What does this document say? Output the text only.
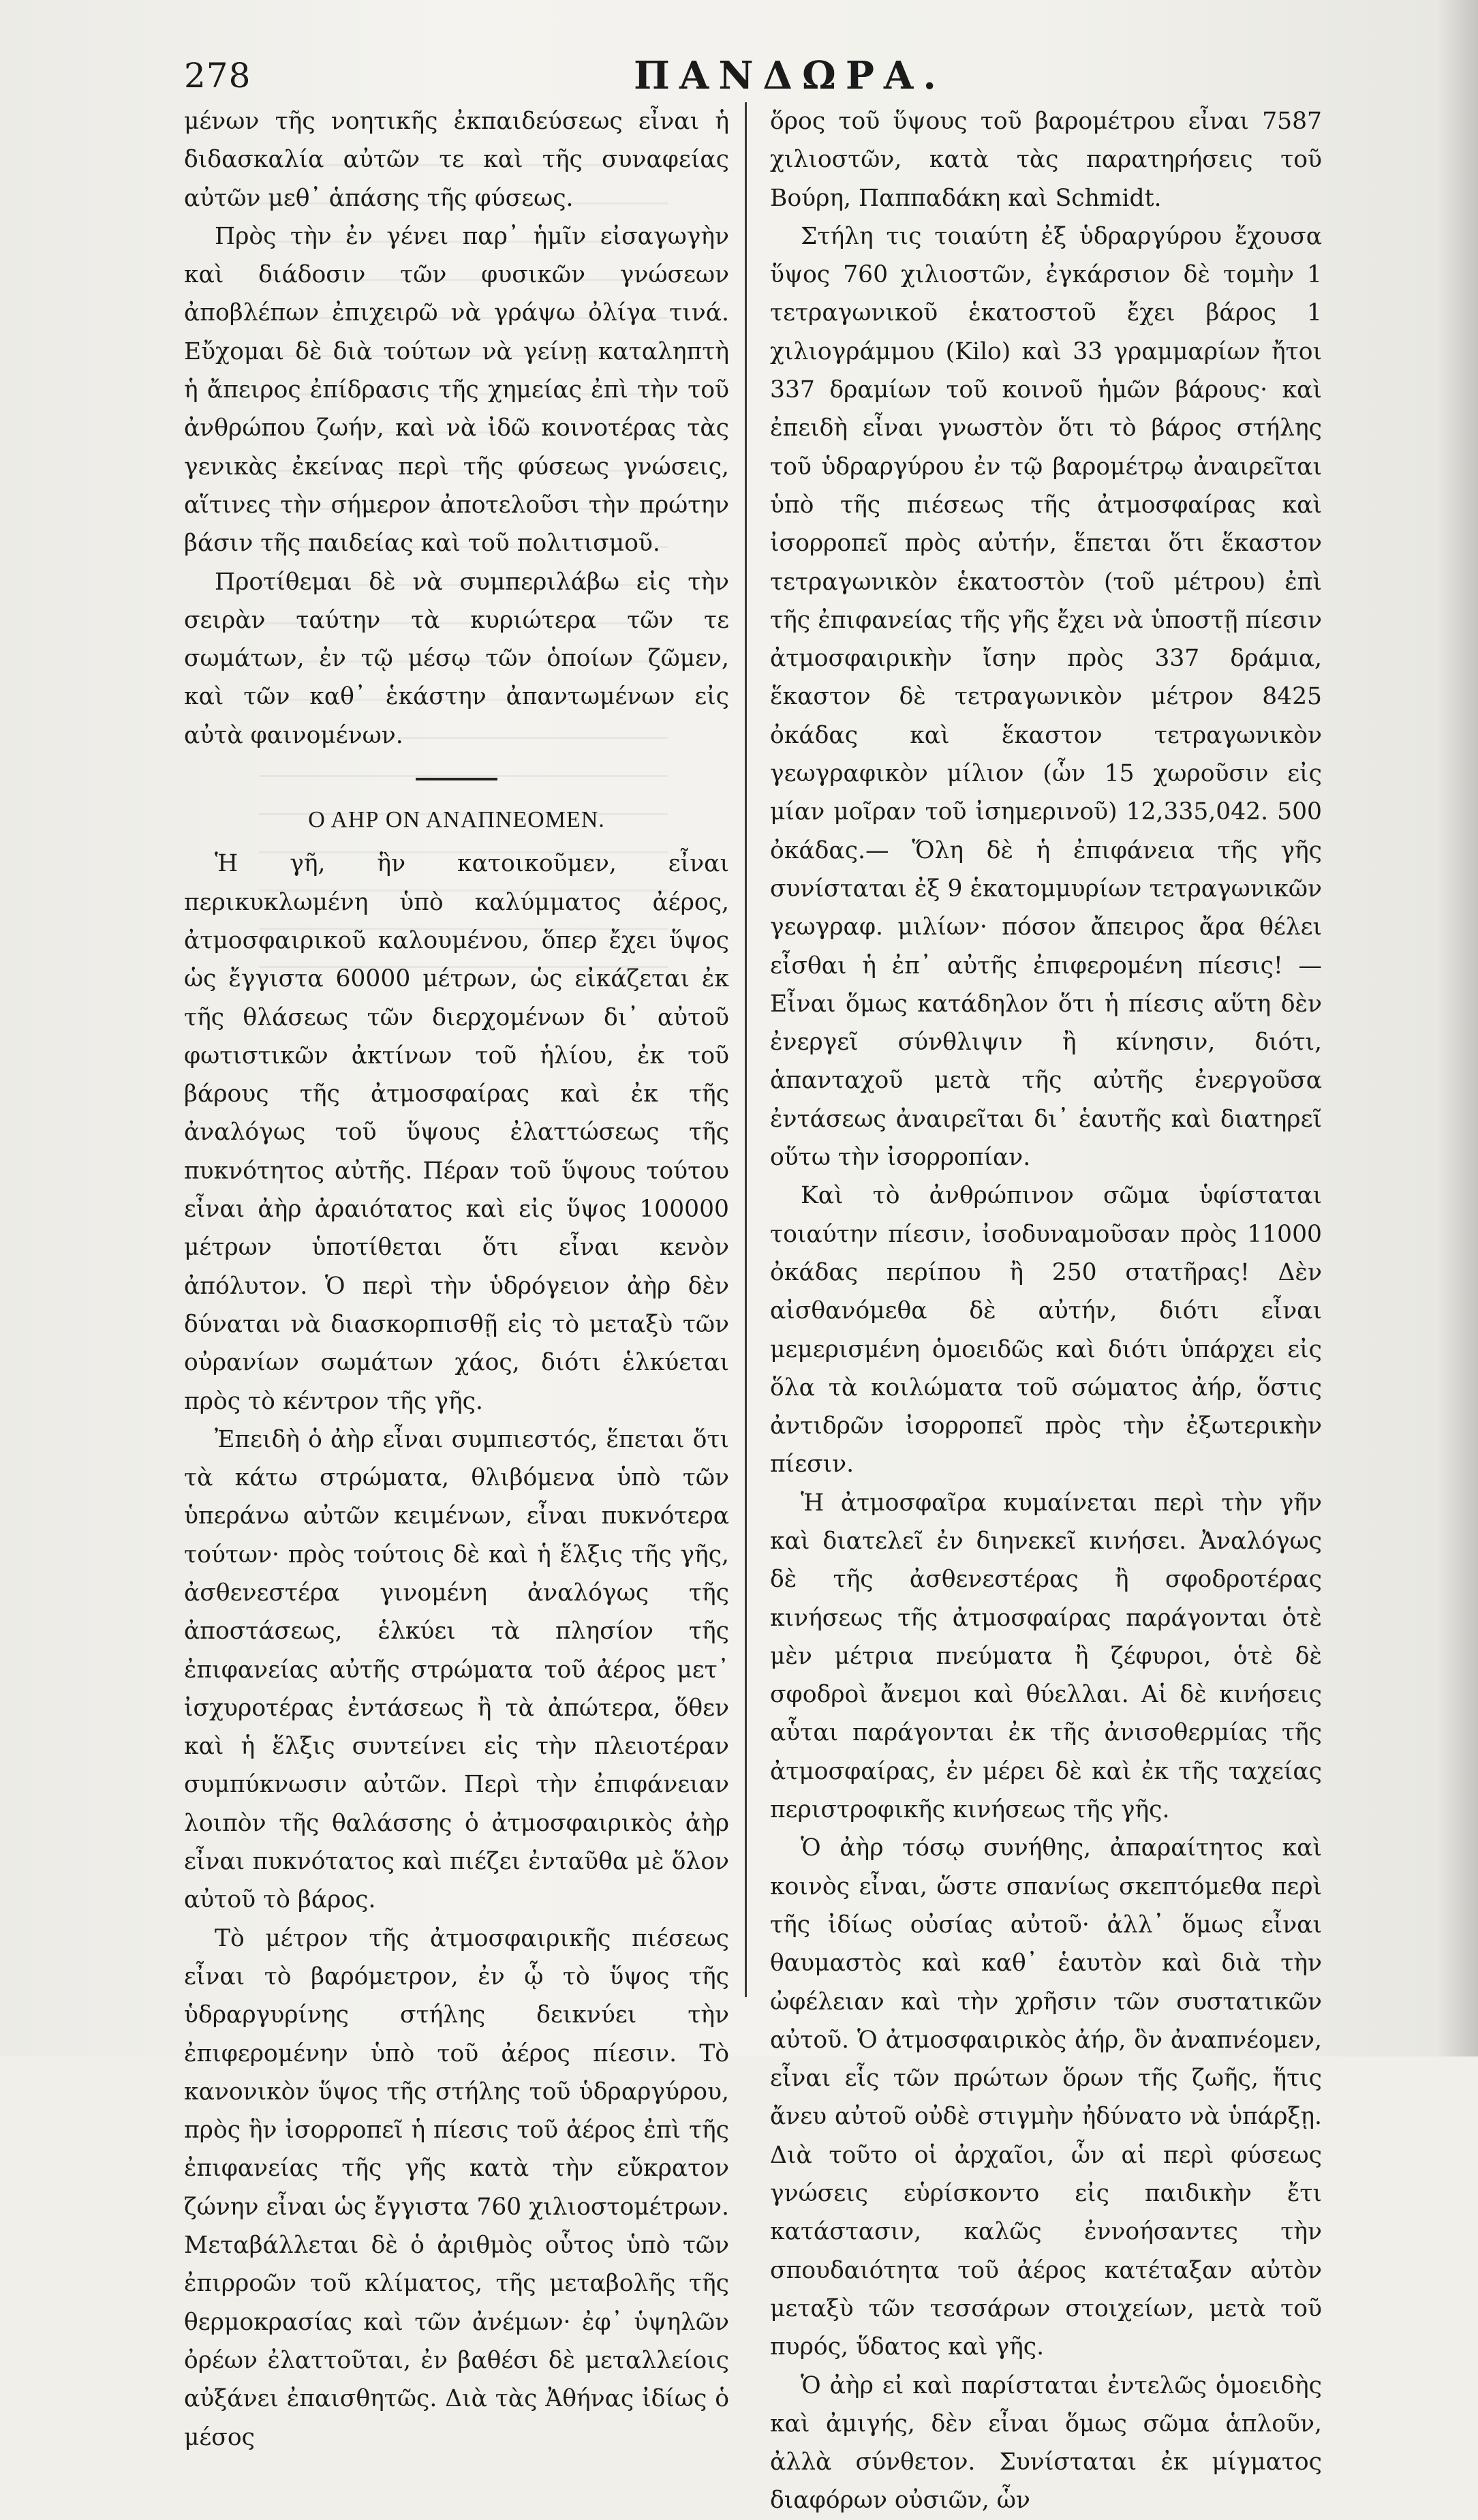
278	ΠΑΝΔΩΡΑ.

μένων τῆς νοητικῆς ἐκπαιδεύσεως εἶναι ἡ διδασκαλία αὐτῶν τε καὶ τῆς συναφείας αὐτῶν μεθ᾽ ἁπάσης τῆς φύσεως.

Πρὸς τὴν ἐν γένει παρ᾽ ἡμῖν εἰσαγωγὴν καὶ διάδοσιν τῶν φυσικῶν γνώσεων ἀποβλέπων ἐπιχειρῶ νὰ γράψω ὀλίγα τινά. Εὔχομαι δὲ διὰ τούτων νὰ γείνῃ καταληπτὴ ἡ ἄπειρος ἐπίδρασις τῆς χημείας ἐπὶ τὴν τοῦ ἀνθρώπου ζωήν, καὶ νὰ ἰδῶ κοινοτέρας τὰς γενικὰς ἐκείνας περὶ τῆς φύσεως γνώσεις, αἵτινες τὴν σήμερον ἀποτελοῦσι τὴν πρώτην βάσιν τῆς παιδείας καὶ τοῦ πολιτισμοῦ.

Προτίθεμαι δὲ νὰ συμπεριλάβω εἰς τὴν σειρὰν ταύτην τὰ κυριώτερα τῶν τε σωμάτων, ἐν τῷ μέσῳ τῶν ὁποίων ζῶμεν, καὶ τῶν καθ᾽ ἑκάστην ἀπαντωμένων εἰς αὐτὰ φαινομένων.

Ο ΑΗΡ ΟΝ ΑΝΑΠΝΕΟΜΕΝ.

Ἡ γῆ, ἣν κατοικοῦμεν, εἶναι περικυκλωμένη ὑπὸ καλύμματος ἀέρος, ἀτμοσφαιρικοῦ καλουμένου, ὅπερ ἔχει ὕψος ὡς ἔγγιστα 60000 μέτρων, ὡς εἰκάζεται ἐκ τῆς θλάσεως τῶν διερχομένων δι᾽ αὐτοῦ φωτιστικῶν ἀκτίνων τοῦ ἡλίου, ἐκ τοῦ βάρους τῆς ἀτμοσφαίρας καὶ ἐκ τῆς ἀναλόγως τοῦ ὕψους ἐλαττώσεως τῆς πυκνότητος αὐτῆς. Πέραν τοῦ ὕψους τούτου εἶναι ἀὴρ ἀραιότατος καὶ εἰς ὕψος 100000 μέτρων ὑποτίθεται ὅτι εἶναι κενὸν ἀπόλυτον. Ὁ περὶ τὴν ὑδρόγειον ἀὴρ δὲν δύναται νὰ διασκορπισθῇ εἰς τὸ μεταξὺ τῶν οὐρανίων σωμάτων χάος, διότι ἑλκύεται πρὸς τὸ κέντρον τῆς γῆς.

Ἐπειδὴ ὁ ἀὴρ εἶναι συμπιεστός, ἕπεται ὅτι τὰ κάτω στρώματα, θλιβόμενα ὑπὸ τῶν ὑπεράνω αὐτῶν κειμένων, εἶναι πυκνότερα τούτων· πρὸς τούτοις δὲ καὶ ἡ ἕλξις τῆς γῆς, ἀσθενεστέρα γινομένη ἀναλόγως τῆς ἀποστάσεως, ἑλκύει τὰ πλησίον τῆς ἐπιφανείας αὐτῆς στρώματα τοῦ ἀέρος μετ᾽ ἰσχυροτέρας ἐντάσεως ἢ τὰ ἀπώτερα, ὅθεν καὶ ἡ ἕλξις συντείνει εἰς τὴν πλειοτέραν συμπύκνωσιν αὐτῶν. Περὶ τὴν ἐπιφάνειαν λοιπὸν τῆς θαλάσσης ὁ ἀτμοσφαιρικὸς ἀὴρ εἶναι πυκνότατος καὶ πιέζει ἐνταῦθα μὲ ὅλον αὐτοῦ τὸ βάρος.

Τὸ μέτρον τῆς ἀτμοσφαιρικῆς πιέσεως εἶναι τὸ βαρόμετρον, ἐν ᾧ τὸ ὕψος τῆς ὑδραργυρίνης στήλης δεικνύει τὴν ἐπιφερομένην ὑπὸ τοῦ ἀέρος πίεσιν. Τὸ κανονικὸν ὕψος τῆς στήλης τοῦ ὑδραργύρου, πρὸς ἣν ἰσορροπεῖ ἡ πίεσις τοῦ ἀέρος ἐπὶ τῆς ἐπιφανείας τῆς γῆς κατὰ τὴν εὔκρατον ζώνην εἶναι ὡς ἔγγιστα 760 χιλιοστομέτρων. Μεταβάλλεται δὲ ὁ ἀριθμὸς οὗτος ὑπὸ τῶν ἐπιρροῶν τοῦ κλίματος, τῆς μεταβολῆς τῆς θερμοκρασίας καὶ τῶν ἀνέμων· ἐφ᾽ ὑψηλῶν ὀρέων ἐλαττοῦται, ἐν βαθέσι δὲ μεταλλείοις αὐξάνει ἐπαισθητῶς. Διὰ τὰς Ἀθήνας ἰδίως ὁ μέσος

ὅρος τοῦ ὕψους τοῦ βαρομέτρου εἶναι 7587 χιλιοστῶν, κατὰ τὰς παρατηρήσεις τοῦ Βούρη, Παππαδάκη καὶ Schmidt.

Στήλη τις τοιαύτη ἐξ ὑδραργύρου ἔχουσα ὕψος 760 χιλιοστῶν, ἐγκάρσιον δὲ τομὴν 1 τετραγωνικοῦ ἑκατοστοῦ ἔχει βάρος 1 χιλιογράμμου (Kilo) καὶ 33 γραμμαρίων ἤτοι 337 δραμίων τοῦ κοινοῦ ἡμῶν βάρους· καὶ ἐπειδὴ εἶναι γνωστὸν ὅτι τὸ βάρος στήλης τοῦ ὑδραργύρου ἐν τῷ βαρομέτρῳ ἀναιρεῖται ὑπὸ τῆς πιέσεως τῆς ἀτμοσφαίρας καὶ ἰσορροπεῖ πρὸς αὐτήν, ἕπεται ὅτι ἕκαστον τετραγωνικὸν ἑκατοστὸν (τοῦ μέτρου) ἐπὶ τῆς ἐπιφανείας τῆς γῆς ἔχει νὰ ὑποστῇ πίεσιν ἀτμοσφαιρικὴν ἴσην πρὸς 337 δράμια, ἕκαστον δὲ τετραγωνικὸν μέτρον 8425 ὀκάδας καὶ ἕκαστον τετραγωνικὸν γεωγραφικὸν μίλιον (ὧν 15 χωροῦσιν εἰς μίαν μοῖραν τοῦ ἰσημερινοῦ) 12,335,042. 500 ὀκάδας.— Ὅλη δὲ ἡ ἐπιφάνεια τῆς γῆς συνίσταται ἐξ 9 ἑκατομμυρίων τετραγωνικῶν γεωγραφ. μιλίων· πόσον ἄπειρος ἄρα θέλει εἶσθαι ἡ ἐπ᾽ αὐτῆς ἐπιφερομένη πίεσις! — Εἶναι ὅμως κατάδηλον ὅτι ἡ πίεσις αὕτη δὲν ἐνεργεῖ σύνθλιψιν ἢ κίνησιν, διότι, ἁπανταχοῦ μετὰ τῆς αὐτῆς ἐνεργοῦσα ἐντάσεως ἀναιρεῖται δι᾽ ἑαυτῆς καὶ διατηρεῖ οὕτω τὴν ἰσορροπίαν.

Καὶ τὸ ἀνθρώπινον σῶμα ὑφίσταται τοιαύτην πίεσιν, ἰσοδυναμοῦσαν πρὸς 11000 ὀκάδας περίπου ἢ 250 στατῆρας! Δὲν αἰσθανόμεθα δὲ αὐτήν, διότι εἶναι μεμερισμένη ὁμοειδῶς καὶ διότι ὑπάρχει εἰς ὅλα τὰ κοιλώματα τοῦ σώματος ἀήρ, ὅστις ἀντιδρῶν ἰσορροπεῖ πρὸς τὴν ἐξωτερικὴν πίεσιν.

Ἡ ἀτμοσφαῖρα κυμαίνεται περὶ τὴν γῆν καὶ διατελεῖ ἐν διηνεκεῖ κινήσει. Ἀναλόγως δὲ τῆς ἀσθενεστέρας ἢ σφοδροτέρας κινήσεως τῆς ἀτμοσφαίρας παράγονται ὁτὲ μὲν μέτρια πνεύματα ἢ ζέφυροι, ὁτὲ δὲ σφοδροὶ ἄνεμοι καὶ θύελλαι. Αἱ δὲ κινήσεις αὗται παράγονται ἐκ τῆς ἀνισοθερμίας τῆς ἀτμοσφαίρας, ἐν μέρει δὲ καὶ ἐκ τῆς ταχείας περιστροφικῆς κινήσεως τῆς γῆς.

Ὁ ἀὴρ τόσῳ συνήθης, ἀπαραίτητος καὶ κοινὸς εἶναι, ὥστε σπανίως σκεπτόμεθα περὶ τῆς ἰδίως οὐσίας αὐτοῦ· ἀλλ᾽ ὅμως εἶναι θαυμαστὸς καὶ καθ᾽ ἑαυτὸν καὶ διὰ τὴν ὠφέλειαν καὶ τὴν χρῆσιν τῶν συστατικῶν αὐτοῦ. Ὁ ἀτμοσφαιρικὸς ἀήρ, ὃν ἀναπνέομεν, εἶναι εἷς τῶν πρώτων ὅρων τῆς ζωῆς, ἥτις ἄνευ αὐτοῦ οὐδὲ στιγμὴν ἠδύνατο νὰ ὑπάρξῃ. Διὰ τοῦτο οἱ ἀρχαῖοι, ὧν αἱ περὶ φύσεως γνώσεις εὑρίσκοντο εἰς παιδικὴν ἔτι κατάστασιν, καλῶς ἐννοήσαντες τὴν σπουδαιότητα τοῦ ἀέρος κατέταξαν αὐτὸν μεταξὺ τῶν τεσσάρων στοιχείων, μετὰ τοῦ πυρός, ὕδατος καὶ γῆς.

Ὁ ἀὴρ εἰ καὶ παρίσταται ἐντελῶς ὁμοειδὴς καὶ ἀμιγής, δὲν εἶναι ὅμως σῶμα ἁπλοῦν, ἀλλὰ σύνθετον. Συνίσταται ἐκ μίγματος διαφόρων οὐσιῶν, ὧν
